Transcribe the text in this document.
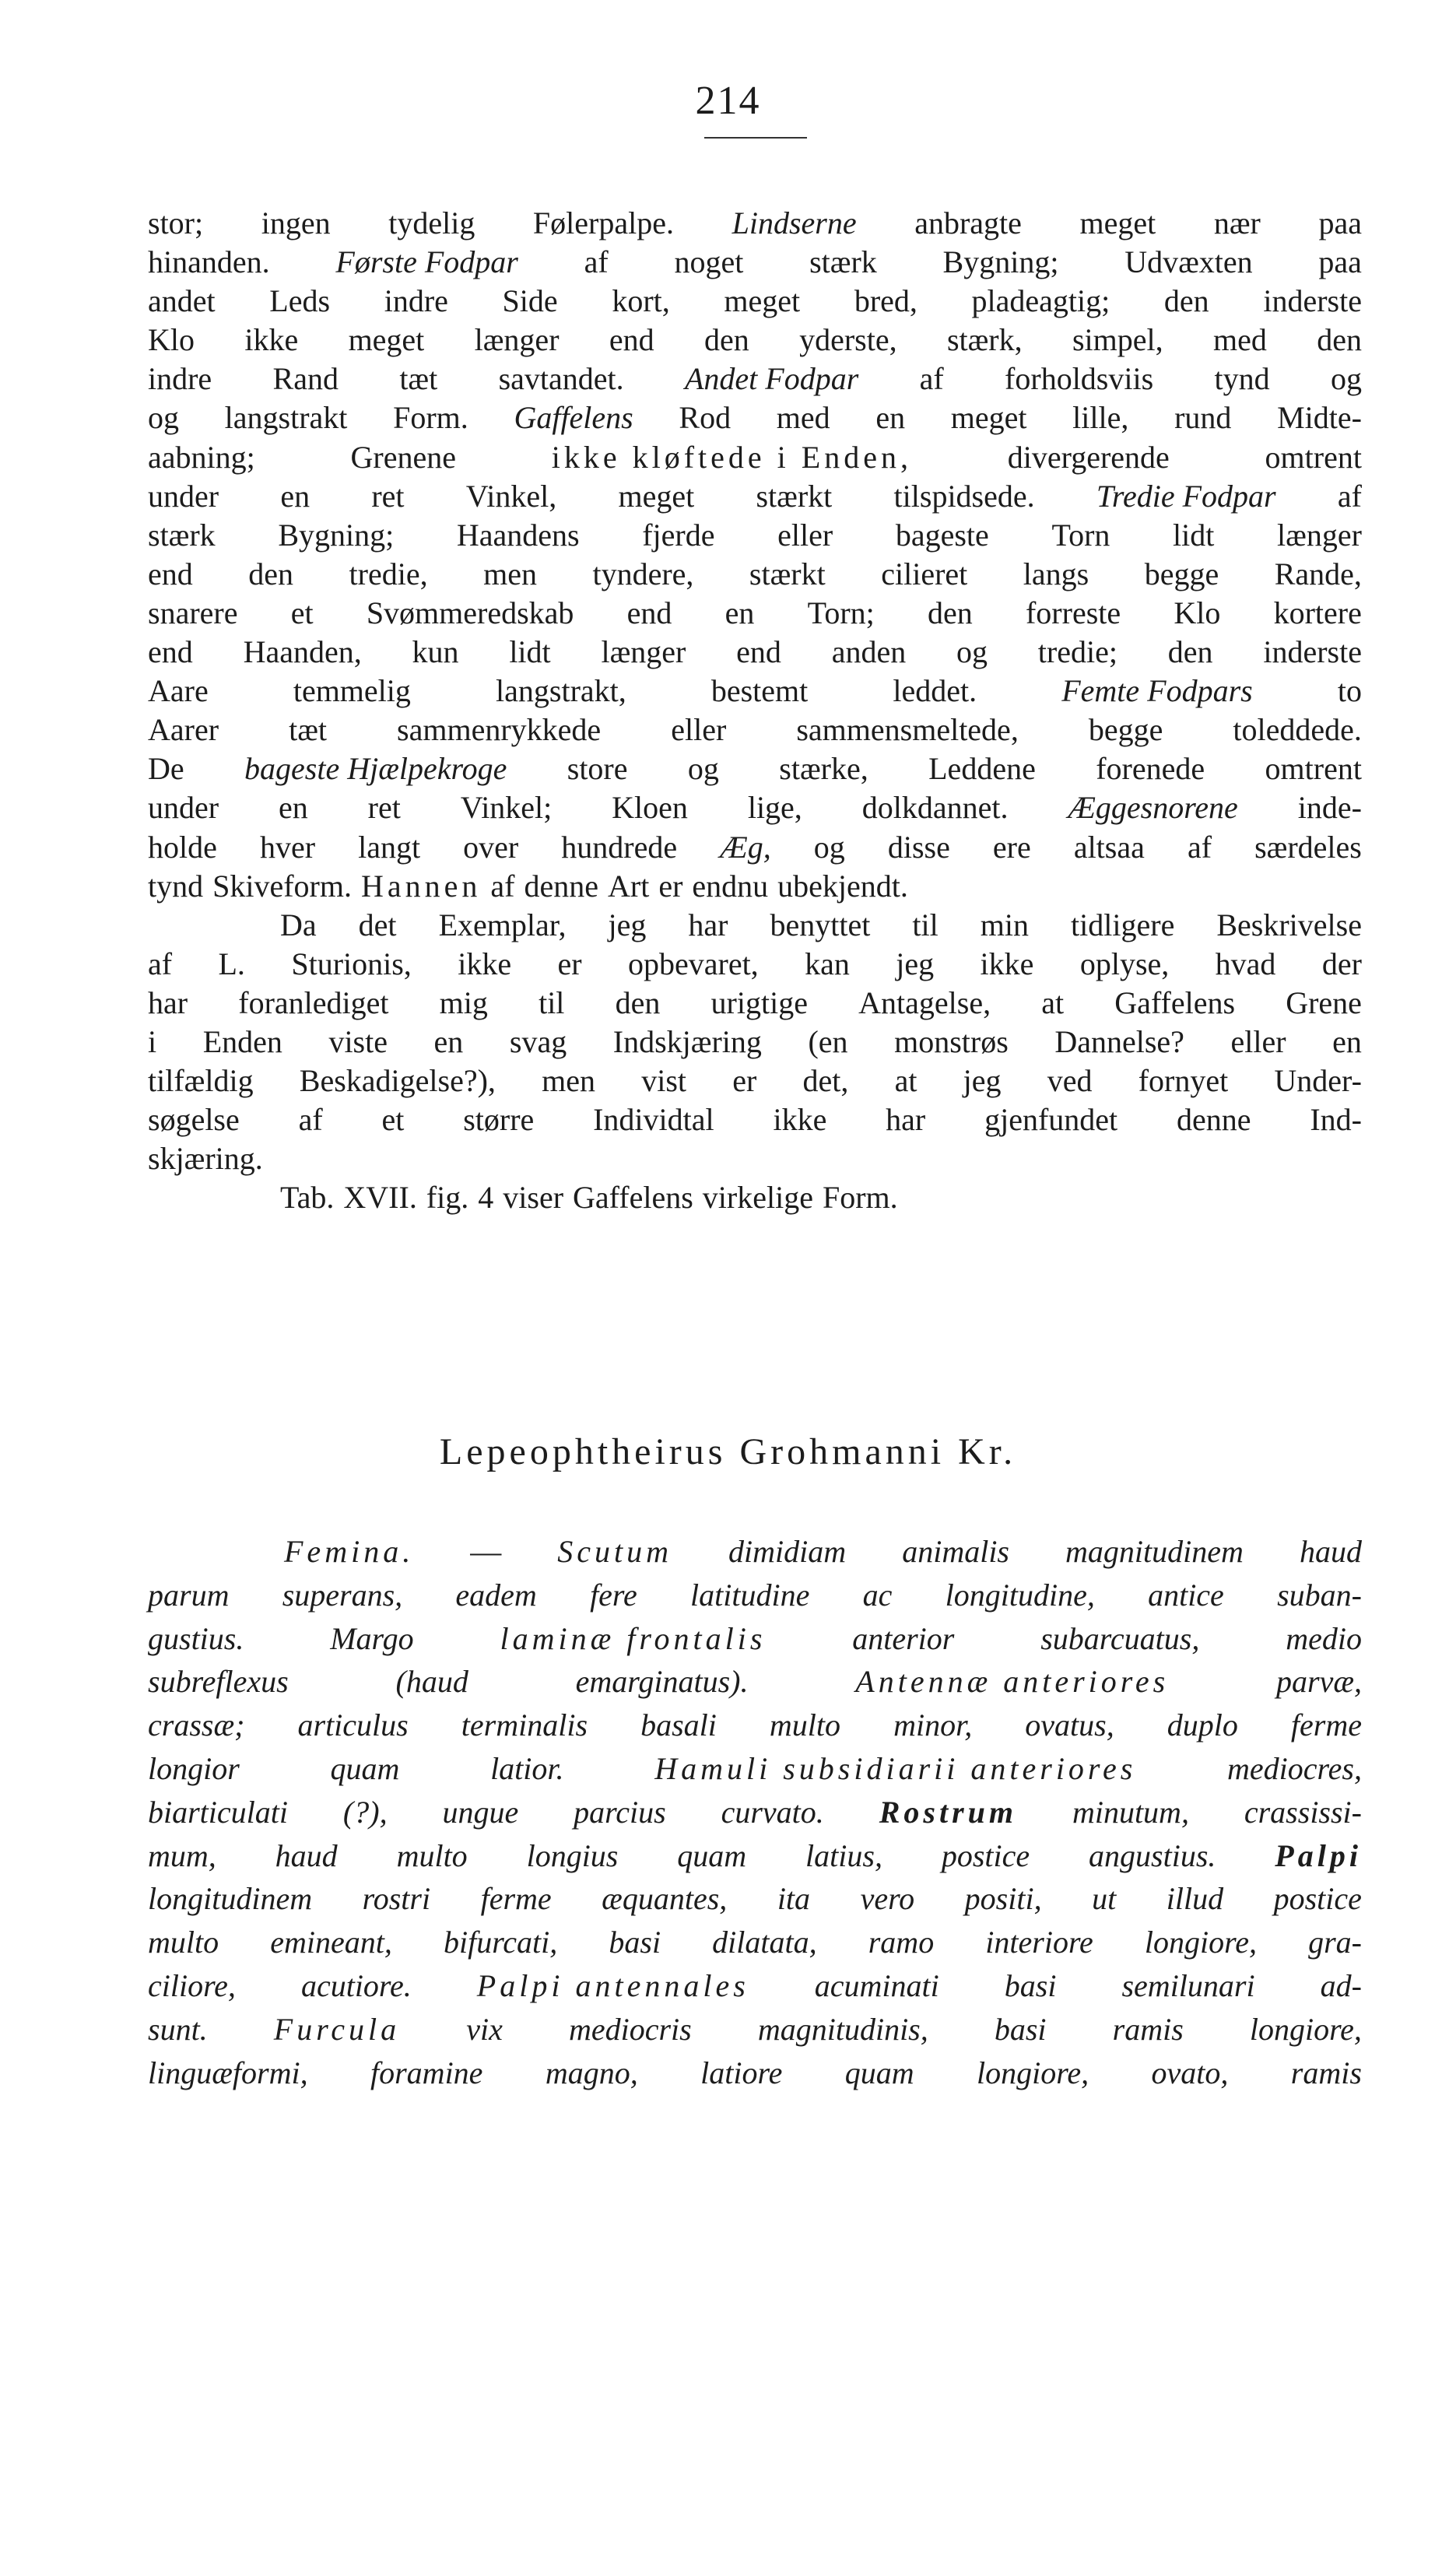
214
stor; ingen tydelig Følerpalpe. Lindserne anbragte meget nær paa
hinanden. Første Fodpar af noget stærk Bygning; Udvæxten paa
andet Leds indre Side kort, meget bred, pladeagtig; den inderste
Klo ikke meget længer end den yderste, stærk, simpel, med den
indre Rand tæt savtandet. Andet Fodpar af forholdsviis tynd og
og langstrakt Form. Gaffelens Rod med en meget lille, rund Midte-
aabning;	Grenene	ikke kløftede i Enden,	divergerende	omtrent
under en ret Vinkel, meget stærkt tilspidsede. Tredie Fodpar af
stærk Bygning; Haandens fjerde eller bageste Torn lidt længer
end den tredie, men tyndere, stærkt cilieret langs begge Rande,
snarere et Svømmeredskab end en Torn; den forreste Klo kortere
end Haanden, kun lidt længer end anden og tredie; den inderste
Aare	temmelig	langstrakt,	bestemt	leddet.	Femte Fodpars	to
Aarer tæt sammenrykkede eller sammensmeltede, begge toleddede.
De bageste Hjælpekroge store og stærke, Leddene forenede omtrent
under en ret Vinkel; Kloen lige, dolkdannet. Æggesnorene inde-
holde hver langt over hundrede Æg, og disse ere altsaa af særdeles
tynd Skiveform. Hannen af denne Art er endnu ubekjendt.
Da det Exemplar, jeg har benyttet til min tidligere Beskrivelse
af L. Sturionis, ikke er opbevaret, kan jeg ikke oplyse, hvad der
har foranlediget mig til den urigtige Antagelse, at Gaffelens Grene
i Enden viste en svag Indskjæring (en monstrøs Dannelse? eller en
tilfældig Beskadigelse?), men vist er det, at jeg ved fornyet Under-
søgelse af et større Individtal ikke har gjenfundet denne Ind-
skjæring.
Tab. XVII. fig. 4 viser Gaffelens virkelige Form.
Lepeophtheirus Grohmanni Kr.
Femina. — Scutum dimidiam animalis magnitudinem haud
parum superans, eadem fere latitudine ac longitudine, antice suban-
gustius.	Margo	laminæ frontalis	anterior	subarcuatus,	medio
subreflexus	(haud	emarginatus).	Antennæ anteriores	parvæ,
crassæ; articulus terminalis basali multo minor, ovatus, duplo ferme
longior	quam	latior.	Hamuli subsidiarii anteriores	mediocres,
biarticulati (?), ungue parcius curvato. Rostrum minutum, crassissi-
mum, haud multo longius quam latius, postice angustius. Palpi
longitudinem rostri ferme æquantes, ita vero positi, ut illud postice
multo emineant, bifurcati, basi dilatata, ramo interiore longiore, gra-
ciliore, acutiore. Palpi antennales acuminati basi semilunari ad-
sunt. Furcula vix mediocris magnitudinis, basi ramis longiore,
linguæformi, foramine magno, latiore quam longiore, ovato, ramis
